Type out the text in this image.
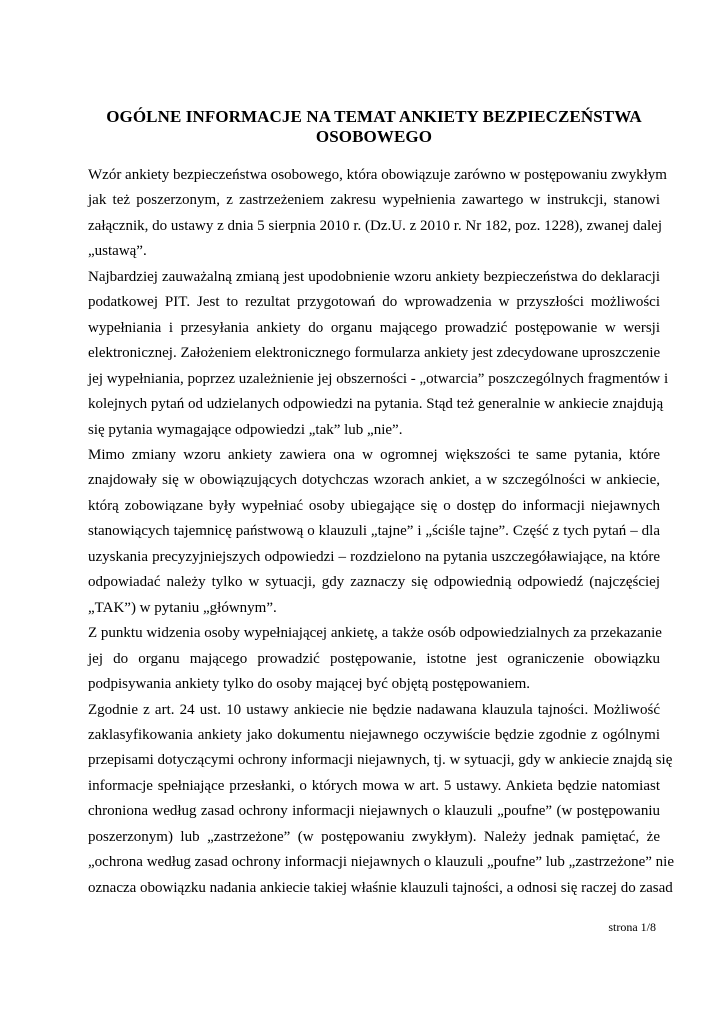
OGÓLNE INFORMACJE NA TEMAT ANKIETY BEZPIECZEŃSTWA
OSOBOWEGO
Wzór ankiety bezpieczeństwa osobowego, która obowiązuje zarówno w postępowaniu zwykłym
jak też poszerzonym, z zastrzeżeniem zakresu wypełnienia zawartego w instrukcji, stanowi
załącznik, do ustawy z dnia 5 sierpnia 2010 r. (Dz.U. z 2010 r. Nr 182, poz. 1228), zwanej dalej
„ustawą”.
Najbardziej zauważalną zmianą jest upodobnienie wzoru ankiety bezpieczeństwa do deklaracji
podatkowej PIT. Jest to rezultat przygotowań do wprowadzenia w przyszłości możliwości
wypełniania i przesyłania ankiety do organu mającego prowadzić postępowanie w wersji
elektronicznej. Założeniem elektronicznego formularza ankiety jest zdecydowane uproszczenie
jej wypełniania, poprzez uzależnienie jej obszerności - „otwarcia” poszczególnych fragmentów i
kolejnych pytań od udzielanych odpowiedzi na pytania. Stąd też generalnie w ankiecie znajdują
się pytania wymagające odpowiedzi „tak” lub „nie”.
Mimo zmiany wzoru ankiety zawiera ona w ogromnej większości te same pytania, które
znajdowały się w obowiązujących dotychczas wzorach ankiet, a w szczególności w ankiecie,
którą zobowiązane były wypełniać osoby ubiegające się o dostęp do informacji niejawnych
stanowiących tajemnicę państwową o klauzuli „tajne” i „ściśle tajne”. Część z tych pytań – dla
uzyskania precyzyjniejszych odpowiedzi – rozdzielono na pytania uszczegóławiające, na które
odpowiadać należy tylko w sytuacji, gdy zaznaczy się odpowiednią odpowiedź (najczęściej
„TAK”) w pytaniu „głównym”.
Z punktu widzenia osoby wypełniającej ankietę, a także osób odpowiedzialnych za przekazanie
jej do organu mającego prowadzić postępowanie, istotne jest ograniczenie obowiązku
podpisywania ankiety tylko do osoby mającej być objętą postępowaniem.
Zgodnie z art. 24 ust. 10 ustawy ankiecie nie będzie nadawana klauzula tajności. Możliwość
zaklasyfikowania ankiety jako dokumentu niejawnego oczywiście będzie zgodnie z ogólnymi
przepisami dotyczącymi ochrony informacji niejawnych, tj. w sytuacji, gdy w ankiecie znajdą się
informacje spełniające przesłanki, o których mowa w art. 5 ustawy. Ankieta będzie natomiast
chroniona według zasad ochrony informacji niejawnych o klauzuli „poufne” (w postępowaniu
poszerzonym) lub „zastrzeżone” (w postępowaniu zwykłym). Należy jednak pamiętać, że
„ochrona według zasad ochrony informacji niejawnych o klauzuli „poufne” lub „zastrzeżone” nie
oznacza obowiązku nadania ankiecie takiej właśnie klauzuli tajności, a odnosi się raczej do zasad
strona 1/8
